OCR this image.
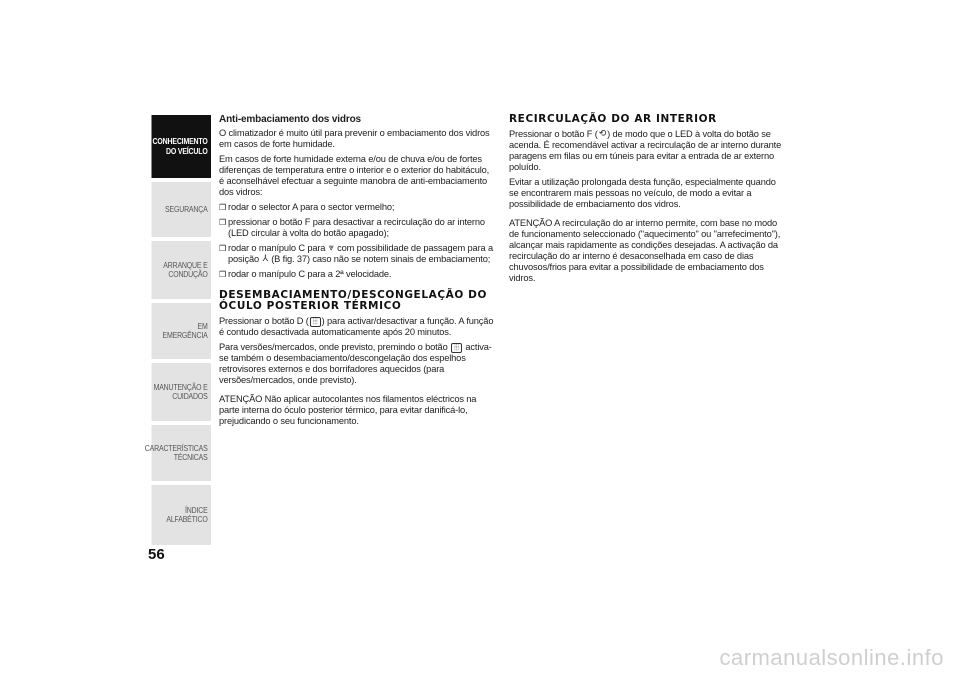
CONHECIMENTO
DO VEÍCULO
SEGURANÇA
ARRANQUE E
CONDUÇÃO
EM EMERGÊNCIA
MANUTENÇÃO E
CUIDADOS
CARACTERÍSTICAS
TÉCNICAS
ÍNDICE ALFABÉTICO
56

Anti-embaciamento dos vidros

O climatizador é muito útil para prevenir o embaciamento dos vidros em casos de forte humidade.

Em casos de forte humidade externa e/ou de chuva e/ou de fortes diferenças de temperatura entre o interior e o exterior do habitáculo, é aconselhável efectuar a seguinte manobra de anti-embaciamento dos vidros:

❒ rodar o selector A para o sector vermelho;

❒ pressionar o botão F para desactivar a recirculação do ar interno (LED circular à volta do botão apagado);

❒ rodar o manípulo C para ⩔ com possibilidade de passagem para a posição ⅄ (B fig. 37) caso não se notem sinais de embaciamento;

❒ rodar o manípulo C para a 2ª velocidade.

DESEMBACIAMENTO/DESCONGELAÇÃO DO ÓCULO POSTERIOR TÉRMICO

Pressionar o botão D ( ⦙⦙⦙ ) para activar/desactivar a função. A função é contudo desactivada automaticamente após 20 minutos.

Para versões/mercados, onde previsto, premindo o botão ⦙⦙⦙ activa-se também o desembaciamento/descongelação dos espelhos retrovisores externos e dos borrifadores aquecidos (para versões/mercados, onde previsto).

ATENÇÃO Não aplicar autocolantes nos filamentos eléctricos na parte interna do óculo posterior térmico, para evitar danificá-lo, prejudicando o seu funcionamento.

RECIRCULAÇÃO DO AR INTERIOR

Pressionar o botão F (⟲) de modo que o LED à volta do botão se acenda. É recomendável activar a recirculação de ar interno durante paragens em filas ou em túneis para evitar a entrada de ar externo poluído.

Evitar a utilização prolongada desta função, especialmente quando se encontrarem mais pessoas no veículo, de modo a evitar a possibilidade de embaciamento dos vidros.

ATENÇÃO A recirculação do ar interno permite, com base no modo de funcionamento seleccionado ("aquecimento" ou "arrefecimento"), alcançar mais rapidamente as condições desejadas. A activação da recirculação do ar interno é desaconselhada em caso de dias chuvosos/frios para evitar a possibilidade de embaciamento dos vidros.

carmanualsonline.info
